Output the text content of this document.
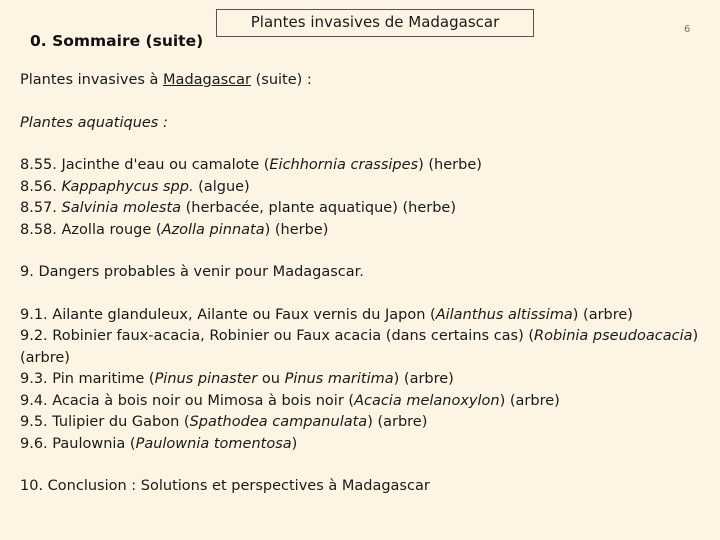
0. Sommaire (suite)
Plantes invasives de Madagascar	6

Plantes invasives à Madagascar (suite) :

Plantes aquatiques :

8.55. Jacinthe d'eau ou camalote (Eichhornia crassipes) (herbe)

8.56. Kappaphycus spp. (algue)

8.57. Salvinia molesta (herbacée, plante aquatique) (herbe)

8.58. Azolla rouge (Azolla pinnata) (herbe)

9. Dangers probables à venir pour Madagascar.

9.1. Ailante glanduleux, Ailante ou Faux vernis du Japon (Ailanthus altissima) (arbre)

9.2. Robinier faux-acacia, Robinier ou Faux acacia (dans certains cas) (Robinia pseudoacacia)

(arbre)

9.3. Pin maritime (Pinus pinaster ou Pinus maritima) (arbre)

9.4. Acacia à bois noir ou Mimosa à bois noir (Acacia melanoxylon) (arbre)

9.5. Tulipier du Gabon (Spathodea campanulata) (arbre)

9.6. Paulownia (Paulownia tomentosa)

10. Conclusion : Solutions et perspectives à Madagascar
